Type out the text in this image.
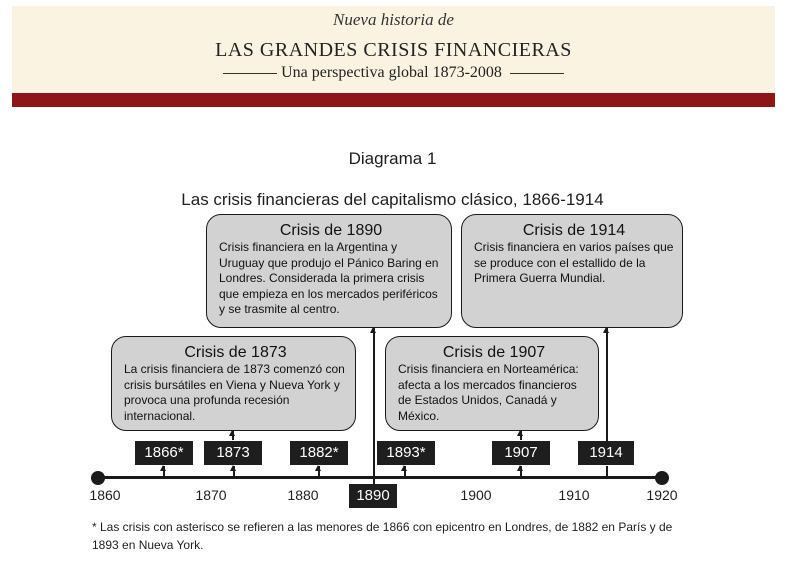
Nueva historia de
LAS GRANDES CRISIS FINANCIERAS
Una perspectiva global 1873-2008
Diagrama 1
Las crisis financieras del capitalismo clásico, 1866-1914
Crisis de 1890
Crisis financiera en la Argentina y Uruguay que produjo el Pánico Baring en Londres. Considerada la primera crisis que empieza en los mercados periféricos y se trasmite al centro.
Crisis de 1914
Crisis financiera en varios países que se produce con el estallido de la Primera Guerra Mundial.
Crisis de 1873
La crisis financiera de 1873 comenzó con crisis bursátiles en Viena y Nueva York y provoca una profunda recesión internacional.
Crisis de 1907
Crisis financiera en Norteamérica: afecta a los mercados financieros de Estados Unidos, Canadá y México.
1866*	1873	1882*	1893*	1907	1914
1890
1860	1870	1880	1900	1910	1920
* Las crisis con asterisco se refieren a las menores de 1866 con epicentro en Londres, de 1882 en París y de 1893 en Nueva York.
